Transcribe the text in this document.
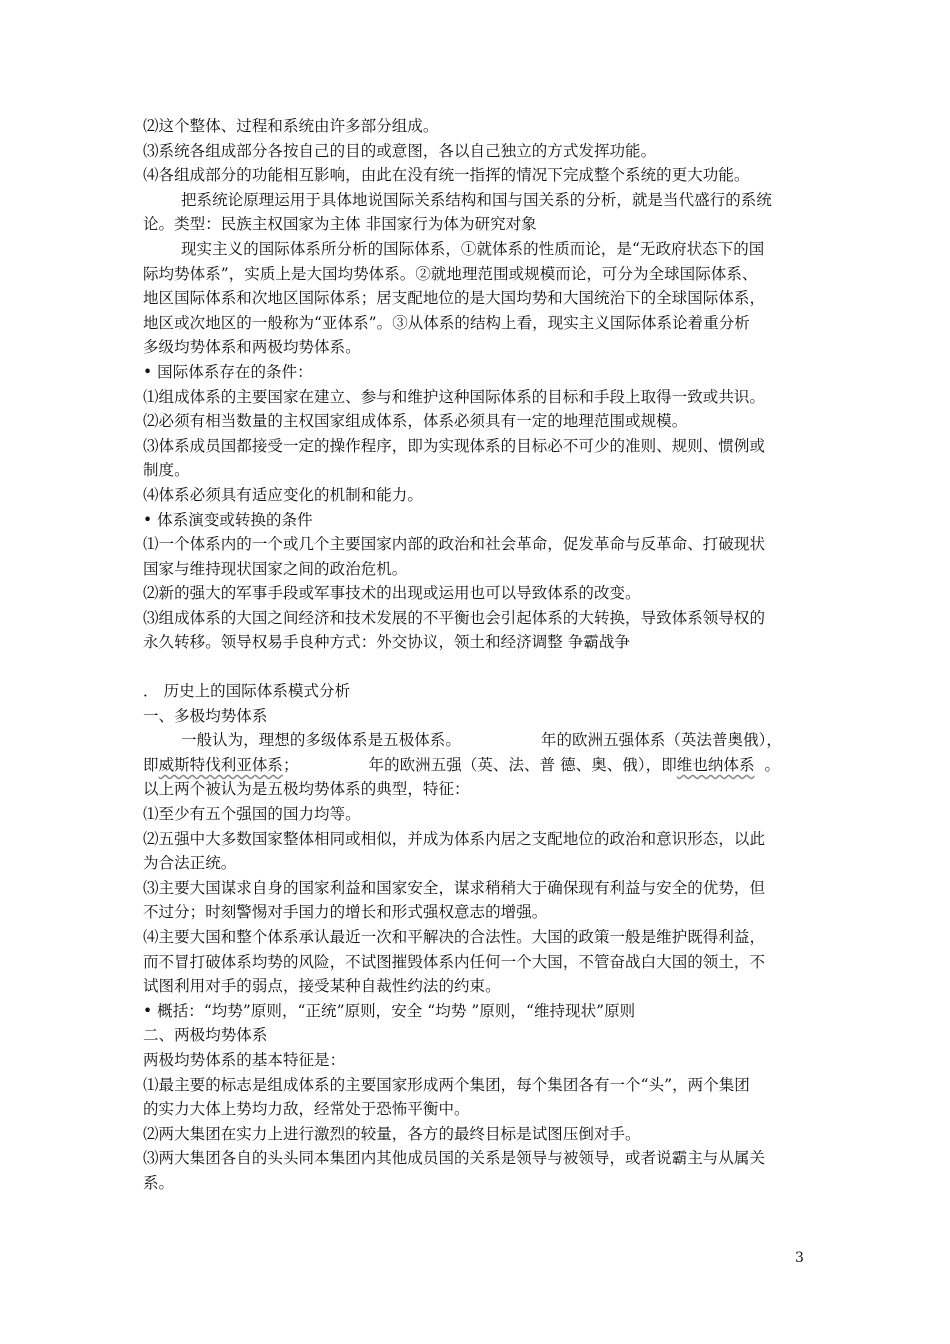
⑵这个整体、过程和系统由许多部分组成。
⑶系统各组成部分各按自己的目的或意图，各以自己独立的方式发挥功能。
⑷各组成部分的功能相互影响，由此在没有统一指挥的情况下完成整个系统的更大功能。
把系统论原理运用于具体地说国际关系结构和国与国关系的分析，就是当代盛行的系统
论。类型：民族主权国家为主体 非国家行为体为研究对象
现实主义的国际体系所分析的国际体系，①就体系的性质而论，是“无政府状态下的国
际均势体系”，实质上是大国均势体系。②就地理范围或规模而论，可分为全球国际体系、
地区国际体系和次地区国际体系；居支配地位的是大国均势和大国统治下的全球国际体系，
地区或次地区的一般称为“亚体系”。③从体系的结构上看，现实主义国际体系论着重分析
多级均势体系和两极均势体系。
• 国际体系存在的条件：
⑴组成体系的主要国家在建立、参与和维护这种国际体系的目标和手段上取得一致或共识。
⑵必须有相当数量的主权国家组成体系，体系必须具有一定的地理范围或规模。
⑶体系成员国都接受一定的操作程序，即为实现体系的目标必不可少的准则、规则、惯例或
制度。
⑷体系必须具有适应变化的机制和能力。
• 体系演变或转换的条件
⑴一个体系内的一个或几个主要国家内部的政治和社会革命，促发革命与反革命、打破现状
国家与维持现状国家之间的政治危机。
⑵新的强大的军事手段或军事技术的出现或运用也可以导致体系的改变。
⑶组成体系的大国之间经济和技术发展的不平衡也会引起体系的大转换，导致体系领导权的
永久转移。领导权易手良种方式：外交协议，领土和经济调整 争霸战争
． 历史上的国际体系模式分析
一、多极均势体系
一般认为，理想的多级体系是五极体系。	年的欧洲五强体系（英法普奥俄），
即威斯特伐利亚体系；	年的欧洲五强（英、法、普 德、奥、俄），即维也纳体系 。
以上两个被认为是五极均势体系的典型，特征：
⑴至少有五个强国的国力均等。
⑵五强中大多数国家整体相同或相似，并成为体系内居之支配地位的政治和意识形态，以此
为合法正统。
⑶主要大国谋求自身的国家利益和国家安全，谋求稍稍大于确保现有利益与安全的优势，但
不过分；时刻警惕对手国力的增长和形式强权意志的增强。
⑷主要大国和整个体系承认最近一次和平解决的合法性。大国的政策一般是维护既得利益，
而不冒打破体系均势的风险，不试图摧毁体系内任何一个大国，不管奋战白大国的领土，不
试图利用对手的弱点，接受某种自裁性约法的约束。
• 概括：“均势”原则，“正统”原则，安全 “均势 ”原则，“维持现状”原则
二、两极均势体系
两极均势体系的基本特征是：
⑴最主要的标志是组成体系的主要国家形成两个集团，每个集团各有一个“头”，两个集团
的实力大体上势均力敌，经常处于恐怖平衡中。
⑵两大集团在实力上进行激烈的较量，各方的最终目标是试图压倒对手。
⑶两大集团各自的头头同本集团内其他成员国的关系是领导与被领导，或者说霸主与从属关
系。
3
